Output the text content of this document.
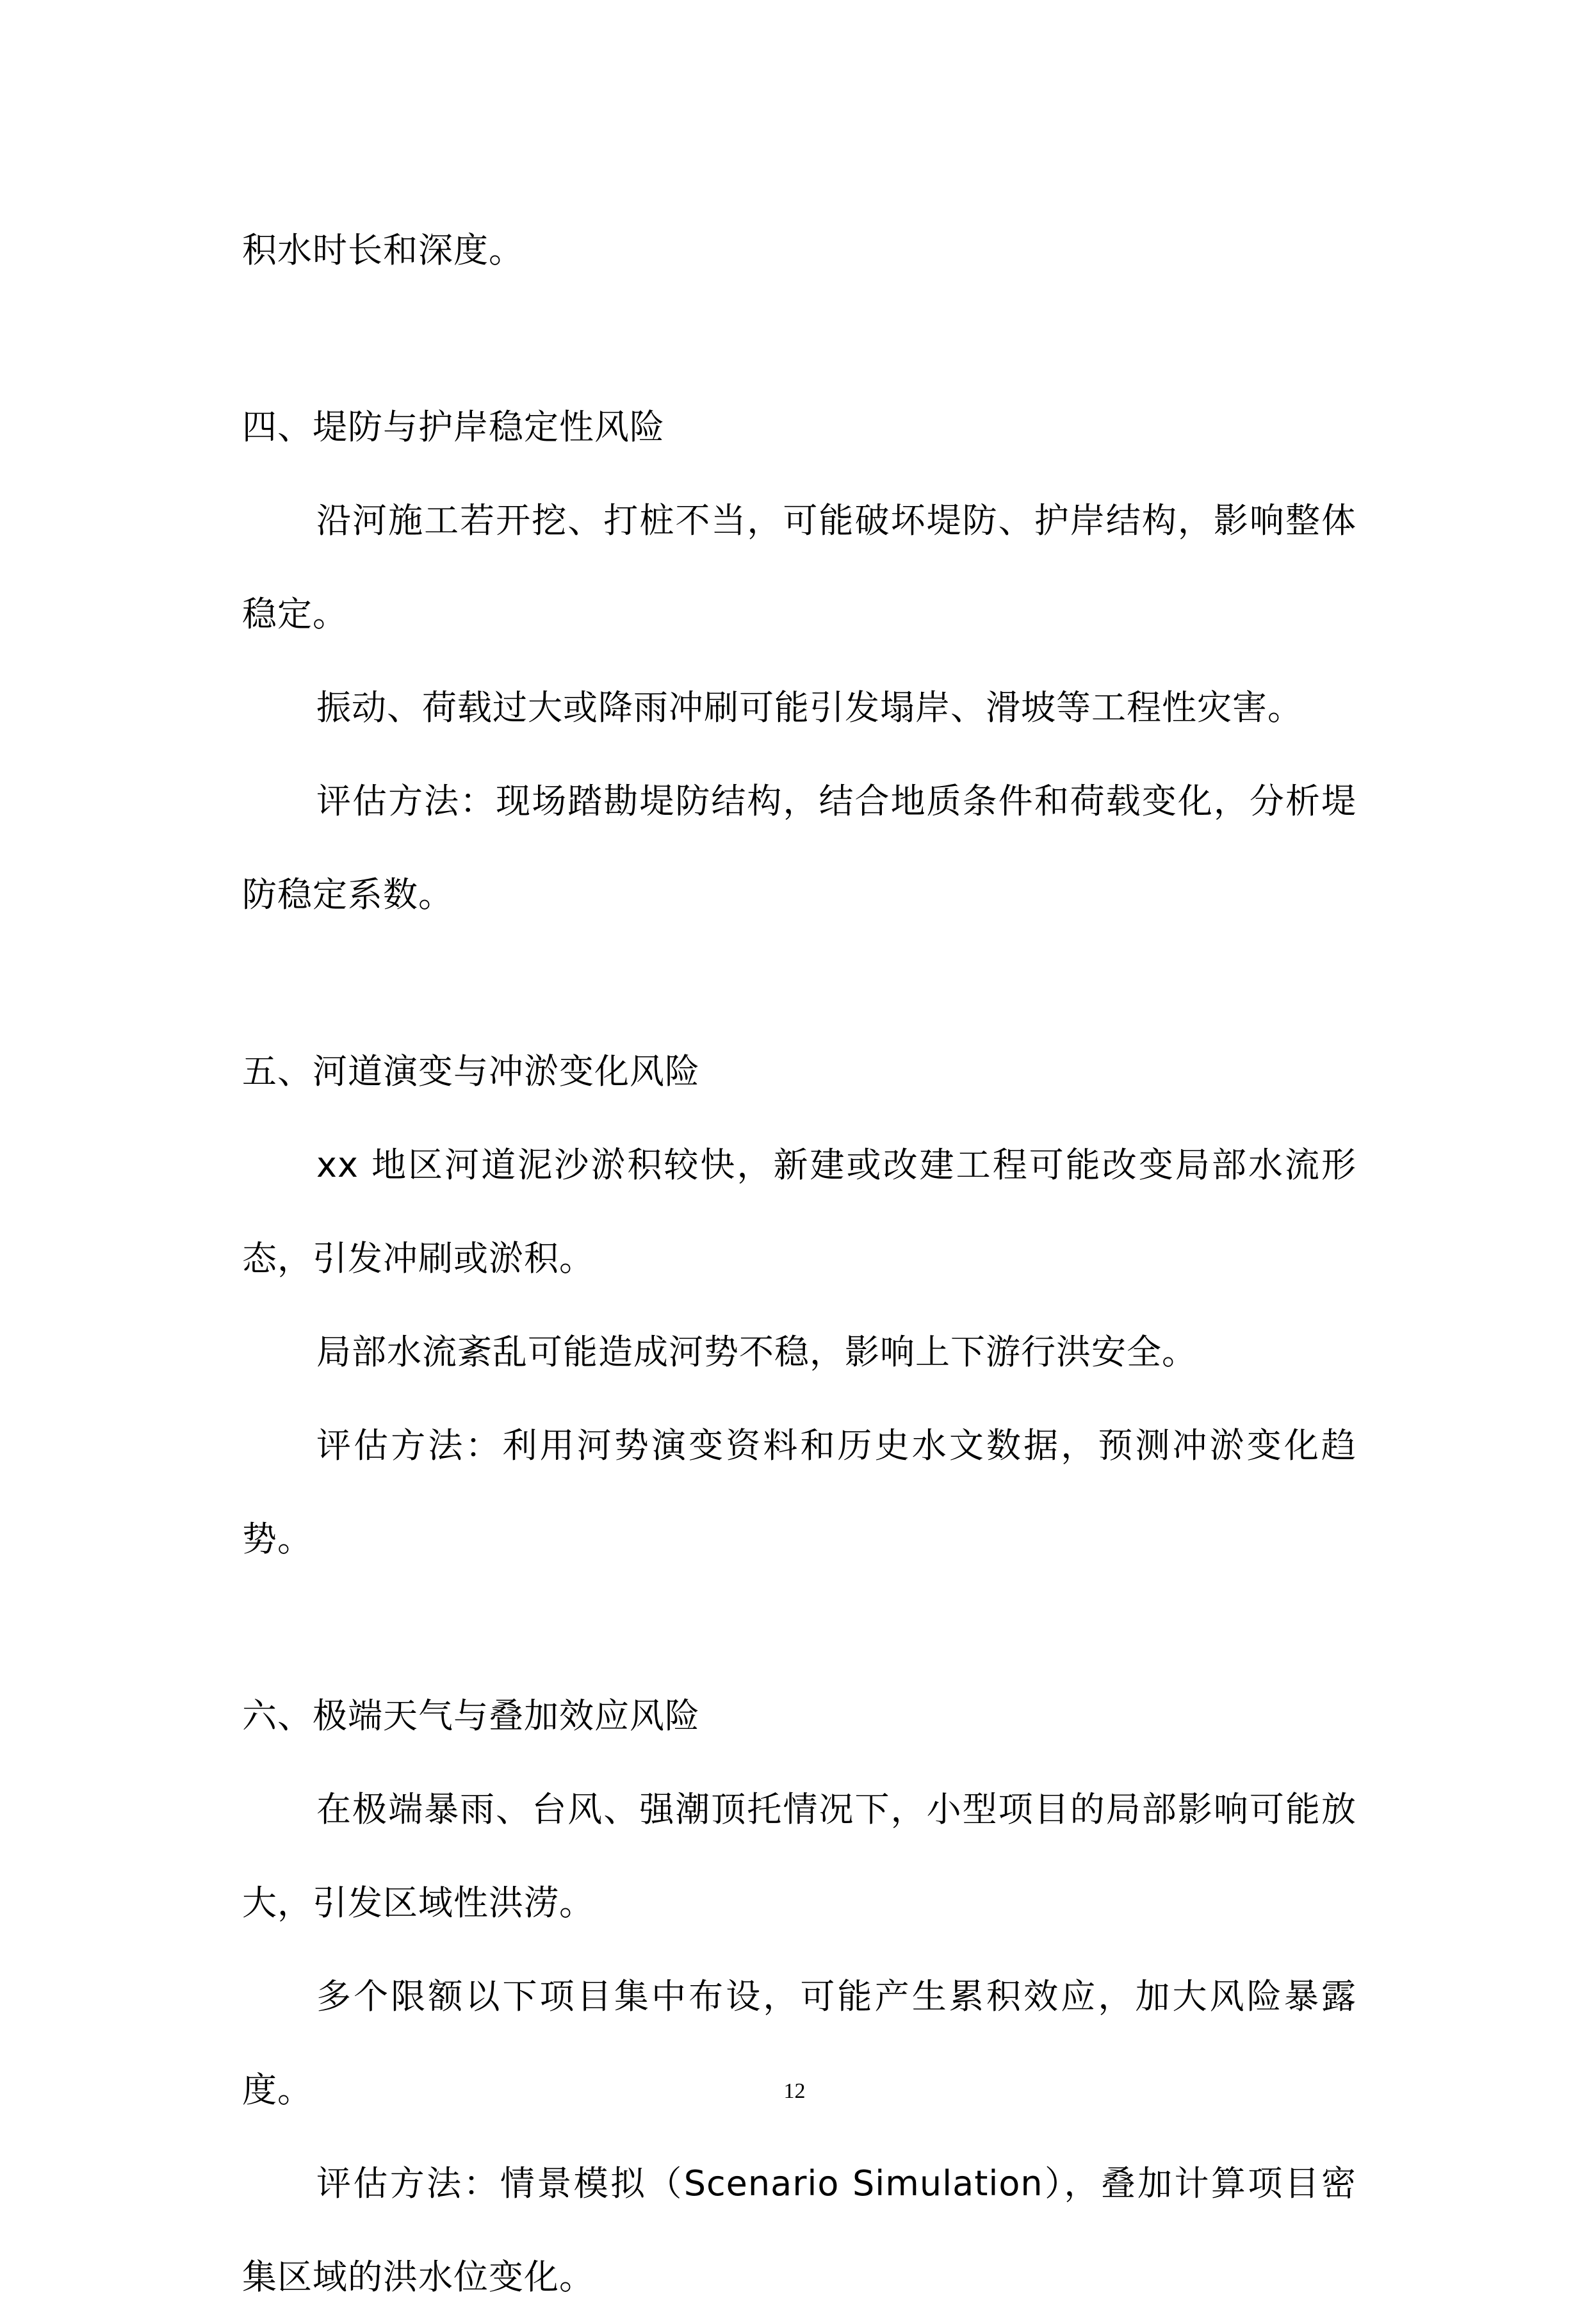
积水时长和深度。

四、堤防与护岸稳定性风险

沿河施工若开挖、打桩不当，可能破坏堤防、护岸结构，影响整体稳定。

振动、荷载过大或降雨冲刷可能引发塌岸、滑坡等工程性灾害。

评估方法：现场踏勘堤防结构，结合地质条件和荷载变化，分析堤防稳定系数。

五、河道演变与冲淤变化风险

xx 地区河道泥沙淤积较快，新建或改建工程可能改变局部水流形态，引发冲刷或淤积。

局部水流紊乱可能造成河势不稳，影响上下游行洪安全。

评估方法：利用河势演变资料和历史水文数据，预测冲淤变化趋势。

六、极端天气与叠加效应风险

在极端暴雨、台风、强潮顶托情况下，小型项目的局部影响可能放大，引发区域性洪涝。

多个限额以下项目集中布设，可能产生累积效应，加大风险暴露度。

评估方法：情景模拟（Scenario Simulation），叠加计算项目密集区域的洪水位变化。

12
